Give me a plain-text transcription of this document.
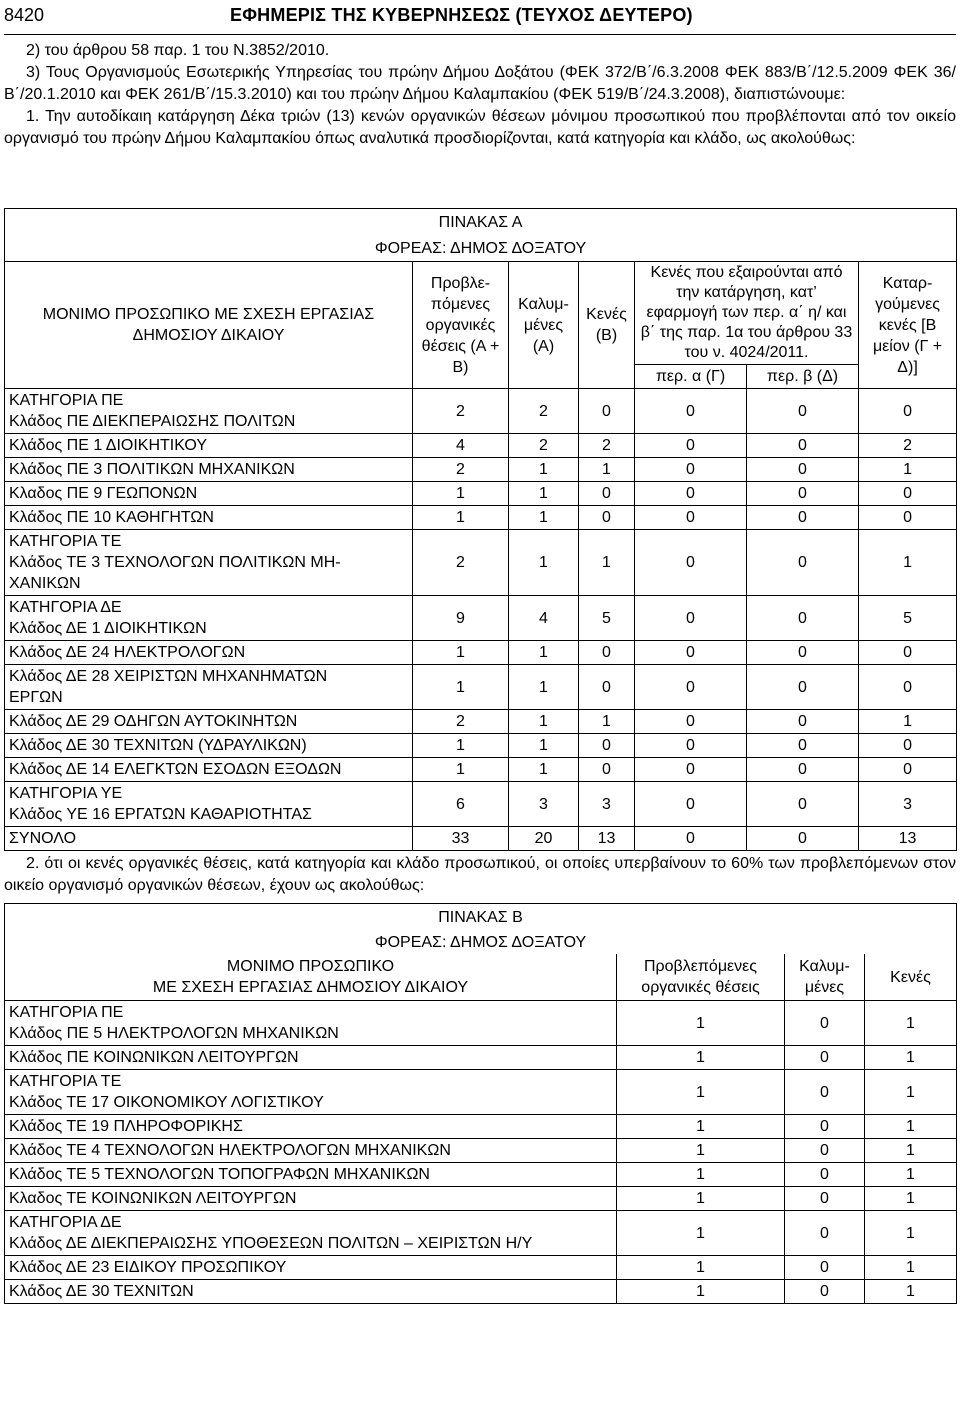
8420	ΕΦΗΜΕΡΙΣ ΤΗΣ ΚΥΒΕΡΝΗΣΕΩΣ (ΤΕΥΧΟΣ ΔΕΥΤΕΡΟ)

2) του άρθρου 58 παρ. 1 του Ν.3852/2010.

3) Τους Οργανισμούς Εσωτερικής Υπηρεσίας του πρώην Δήμου Δοξάτου (ΦΕΚ 372/Β΄/6.3.2008 ΦΕΚ 883/Β΄/12.5.2009 ΦΕΚ 36/Β΄/20.1.2010 και ΦΕΚ 261/Β΄/15.3.2010) και του πρώην Δήμου Καλαμπακίου (ΦΕΚ 519/Β΄/24.3.2008), διαπιστώνουμε:

1. Την αυτοδίκαιη κατάργηση Δέκα τριών (13) κενών οργανικών θέσεων μόνιμου προσωπικού που προβλέπονται από τον οικείο οργανισμό του πρώην Δήμου Καλαμπακίου όπως αναλυτικά προσδιορίζονται, κατά κατηγορία και κλάδο, ως ακολούθως:

ΠΙΝΑΚΑΣ Α						
ΦΟΡΕΑΣ: ΔΗΜΟΣ ΔΟΞΑΤΟΥ						
ΜΟΝΙΜΟ ΠΡΟΣΩΠΙΚΟ ΜΕ ΣΧΕΣΗ ΕΡΓΑΣΙΑΣ ΔΗΜΟΣΙΟΥ ΔΙΚΑΙΟΥ	Προβλε-πόμενες οργανικές θέσεις (Α + Β)	Καλυμ-μένες (Α)	Κενές (Β)	Κενές που εξαιρούνται από την κατάργηση, κατ’ εφαρμογή των περ. α΄ η/ και β΄ της παρ. 1α του άρθρου 33 του ν. 4024/2011.		Καταρ-γούμενες κενές [Β μείον (Γ + Δ)]
				περ. α (Γ)	περ. β (Δ)	
ΚΑΤΗΓΟΡΙΑ ΠΕ
Κλάδος ΠΕ ΔΙΕΚΠΕΡΑΙΩΣΗΣ ΠΟΛΙΤΩΝ	2	2	0	0	0	0
Κλάδος ΠΕ 1 ΔΙΟΙΚΗΤΙΚΟΥ	4	2	2	0	0	2
Κλάδος ΠΕ 3 ΠΟΛΙΤΙΚΩΝ ΜΗΧΑΝΙΚΩΝ	2	1	1	0	0	1
Κλαδος ΠΕ 9 ΓΕΩΠΟΝΩΝ	1	1	0	0	0	0
Κλάδος ΠΕ 10 ΚΑΘΗΓΗΤΩΝ	1	1	0	0	0	0
ΚΑΤΗΓΟΡΙΑ ΤΕ
Κλάδος ΤΕ 3 ΤΕΧΝΟΛΟΓΩΝ ΠΟΛΙΤΙΚΩΝ ΜΗ-
ΧΑΝΙΚΩΝ	2	1	1	0	0	1
ΚΑΤΗΓΟΡΙΑ ΔΕ
Κλάδος ΔΕ 1 ΔΙΟΙΚΗΤΙΚΩΝ	9	4	5	0	0	5
Κλάδος ΔΕ 24 ΗΛΕΚΤΡΟΛΟΓΩΝ	1	1	0	0	0	0
Κλάδος ΔΕ 28 ΧΕΙΡΙΣΤΩΝ ΜΗΧΑΝΗΜΑΤΩΝ
ΕΡΓΩΝ	1	1	0	0	0	0
Κλάδος ΔΕ 29 ΟΔΗΓΩΝ ΑΥΤΟΚΙΝΗΤΩΝ	2	1	1	0	0	1
Κλάδος ΔΕ 30 ΤΕΧΝΙΤΩΝ (ΥΔΡΑΥΛΙΚΩΝ)	1	1	0	0	0	0
Κλάδος ΔΕ 14 ΕΛΕΓΚΤΩΝ ΕΣΟΔΩΝ ΕΞΟΔΩΝ	1	1	0	0	0	0
ΚΑΤΗΓΟΡΙΑ ΥΕ
Κλάδος ΥΕ 16 ΕΡΓΑΤΩΝ ΚΑΘΑΡΙΟΤΗΤΑΣ	6	3	3	0	0	3
ΣΥΝΟΛΟ	33	20	13	0	0	13

2. ότι οι κενές οργανικές θέσεις, κατά κατηγορία και κλάδο προσωπικού, οι οποίες υπερβαίνουν το 60% των προβλεπόμενων στον οικείο οργανισμό οργανικών θέσεων, έχουν ως ακολούθως:

ΠΙΝΑΚΑΣ Β			
ΦΟΡΕΑΣ: ΔΗΜΟΣ ΔΟΞΑΤΟΥ			
ΜΟΝΙΜΟ ΠΡΟΣΩΠΙΚΟ
ΜΕ ΣΧΕΣΗ ΕΡΓΑΣΙΑΣ ΔΗΜΟΣΙΟΥ ΔΙΚΑΙΟΥ	Προβλεπόμενες οργανικές θέσεις	Καλυμ-μένες	Κενές
ΚΑΤΗΓΟΡΙΑ ΠΕ
Κλάδος ΠΕ 5 ΗΛΕΚΤΡΟΛΟΓΩΝ ΜΗΧΑΝΙΚΩΝ	1	0	1
Κλάδος ΠΕ ΚΟΙΝΩΝΙΚΩΝ ΛΕΙΤΟΥΡΓΩΝ	1	0	1
ΚΑΤΗΓΟΡΙΑ ΤΕ
Κλάδος ΤΕ 17 ΟΙΚΟΝΟΜΙΚΟΥ ΛΟΓΙΣΤΙΚΟΥ	1	0	1
Κλάδος ΤΕ 19 ΠΛΗΡΟΦΟΡΙΚΗΣ	1	0	1
Κλάδος ΤΕ 4 ΤΕΧΝΟΛΟΓΩΝ ΗΛΕΚΤΡΟΛΟΓΩΝ ΜΗΧΑΝΙΚΩΝ	1	0	1
Κλάδος ΤΕ 5 ΤΕΧΝΟΛΟΓΩΝ ΤΟΠΟΓΡΑΦΩΝ ΜΗΧΑΝΙΚΩΝ	1	0	1
Κλαδος ΤΕ ΚΟΙΝΩΝΙΚΩΝ ΛΕΙΤΟΥΡΓΩΝ	1	0	1
ΚΑΤΗΓΟΡΙΑ ΔΕ
Κλάδος ΔΕ ΔΙΕΚΠΕΡΑΙΩΣΗΣ ΥΠΟΘΕΣΕΩΝ ΠΟΛΙΤΩΝ – ΧΕΙΡΙΣΤΩΝ Η/Υ	1	0	1
Κλάδος ΔΕ 23 ΕΙΔΙΚΟΥ ΠΡΟΣΩΠΙΚΟΥ	1	0	1
Κλάδος ΔΕ 30 ΤΕΧΝΙΤΩΝ	1	0	1
